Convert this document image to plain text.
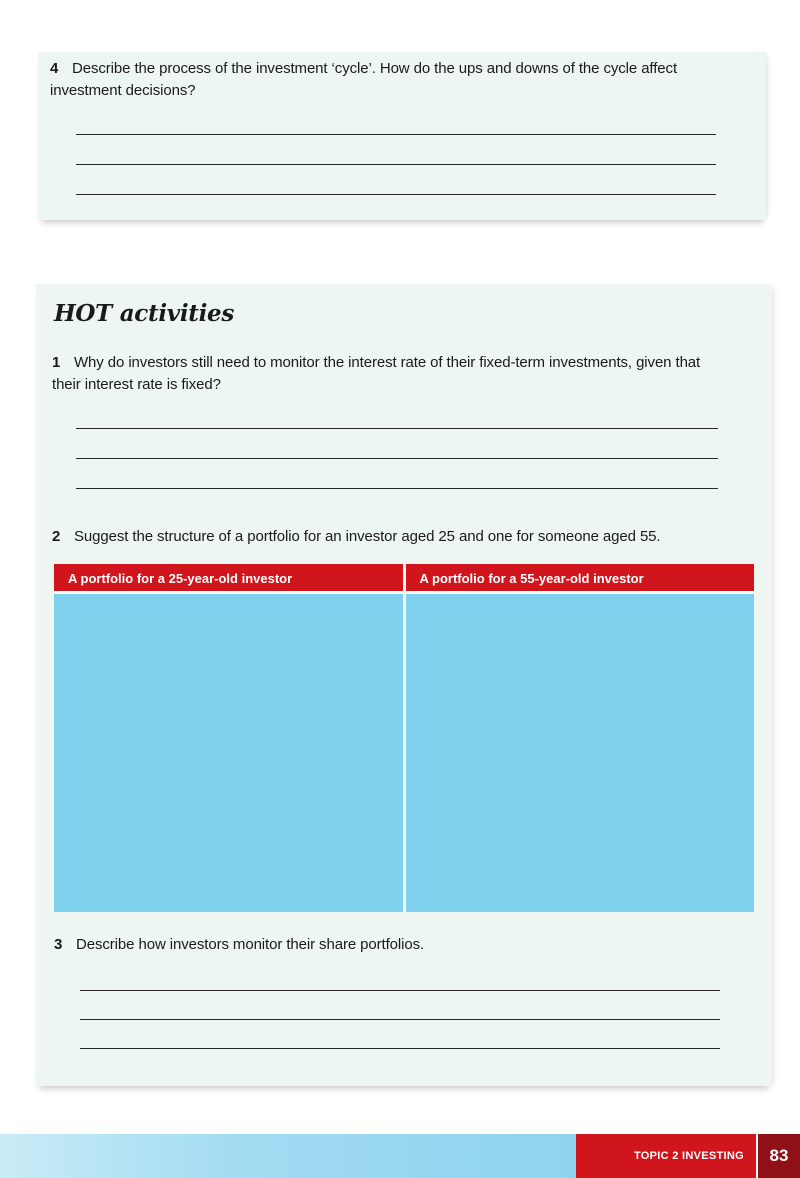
4 Describe the process of the investment ‘cycle’. How do the ups and downs of the cycle affect investment decisions?
HOT activities
1 Why do investors still need to monitor the interest rate of their fixed-term investments, given that their interest rate is fixed?
2 Suggest the structure of a portfolio for an investor aged 25 and one for someone aged 55.
A portfolio for a 25-year-old investor	A portfolio for a 55-year-old investor
3 Describe how investors monitor their share portfolios.
TOPIC 2 INVESTING	83
